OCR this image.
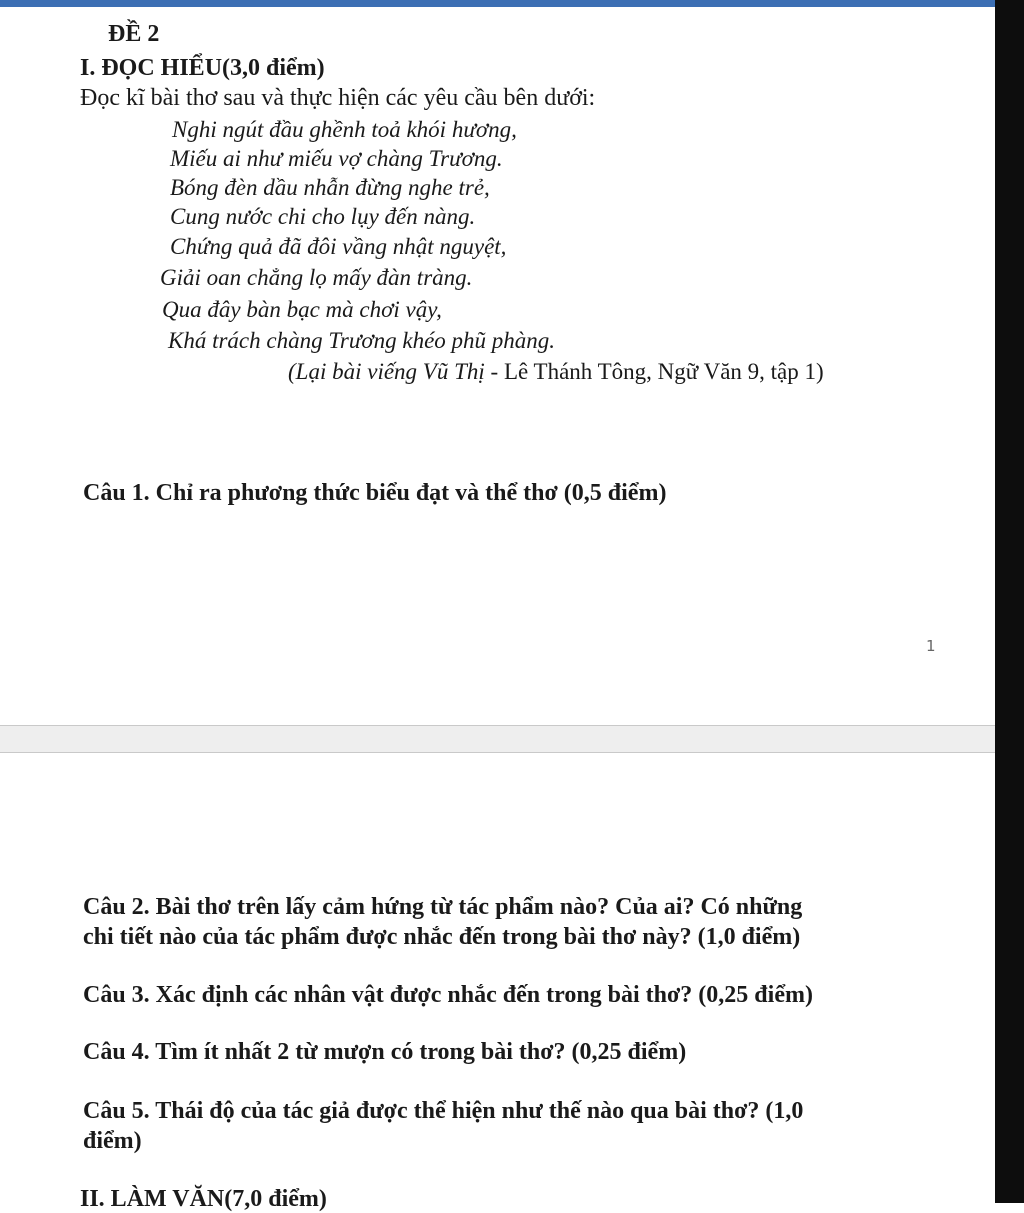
ĐỀ 2

I. ĐỌC HIỂU(3,0 điểm)

Đọc kĩ bài thơ sau và thực hiện các yêu cầu bên dưới:

Nghi ngút đầu ghềnh toả khói hương,

Miếu ai như miếu vợ chàng Trương.

Bóng đèn dầu nhẫn đừng nghe trẻ,

Cung nước chi cho lụy đến nàng.

Chứng quả đã đôi vầng nhật nguyệt,

Giải oan chẳng lọ mấy đàn tràng.

Qua đây bàn bạc mà chơi vậy,

Khá trách chàng Trương khéo phũ phàng.

(Lại bài viếng Vũ Thị - Lê Thánh Tông, Ngữ Văn 9, tập 1)

Câu 1. Chỉ ra phương thức biểu đạt và thể thơ (0,5 điểm)

1

Câu 2. Bài thơ trên lấy cảm hứng từ tác phẩm nào? Của ai? Có những

chi tiết nào của tác phẩm được nhắc đến trong bài thơ này? (1,0 điểm)

Câu 3. Xác định các nhân vật được nhắc đến trong bài thơ? (0,25 điểm)

Câu 4. Tìm ít nhất 2 từ mượn có trong bài thơ? (0,25 điểm)

Câu 5. Thái độ của tác giả được thể hiện như thế nào qua bài thơ? (1,0

điểm)

II. LÀM VĂN(7,0 điểm)
